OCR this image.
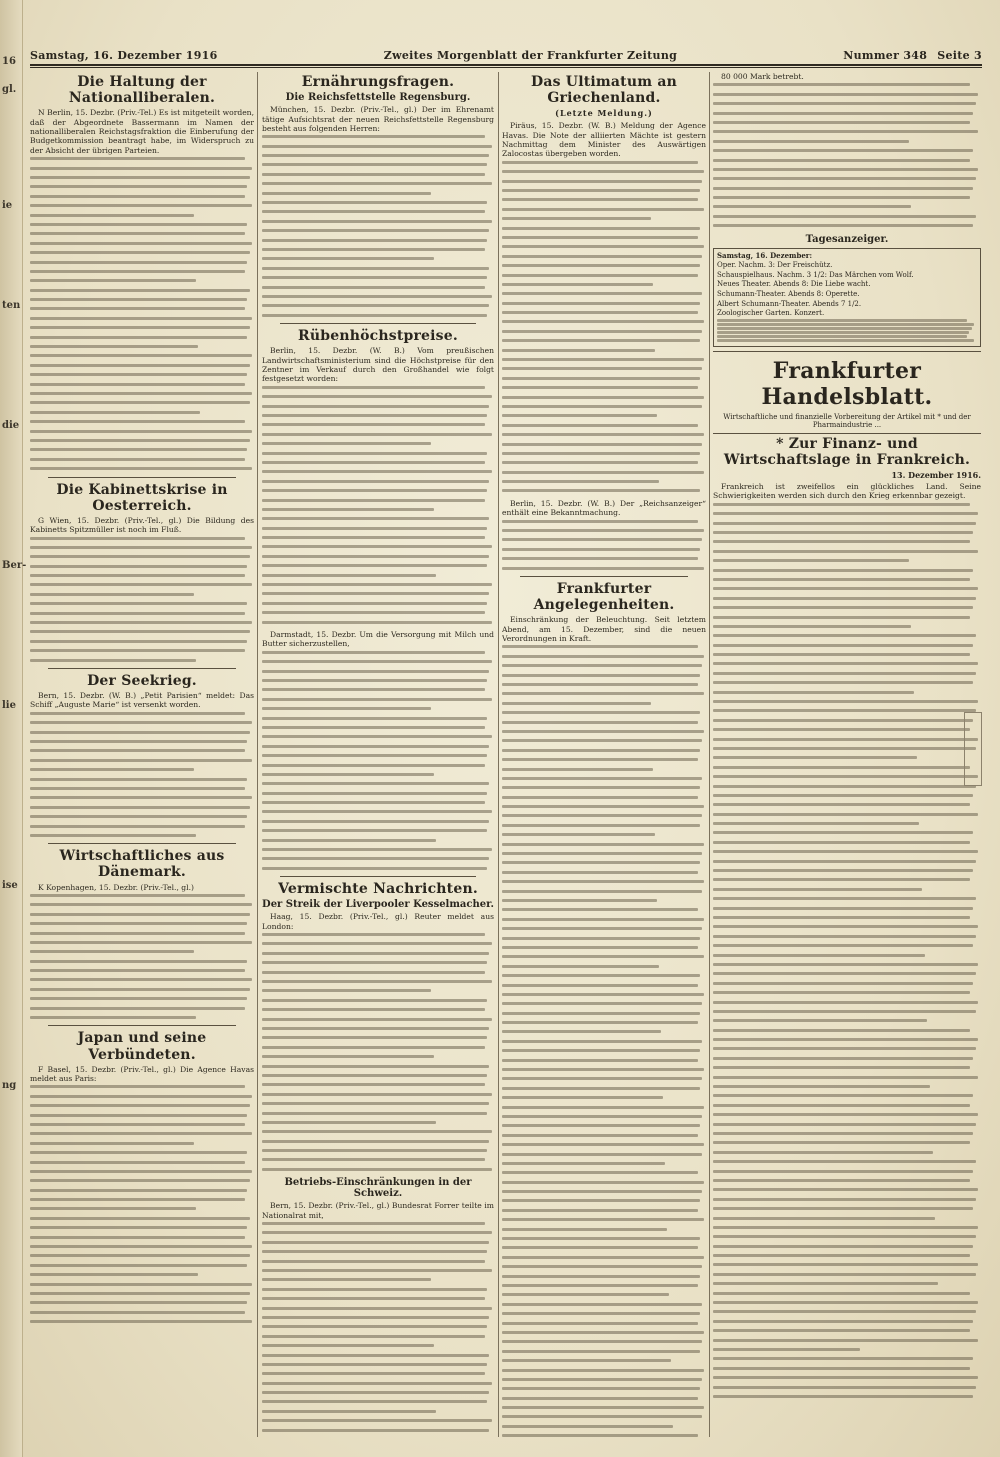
16
gl.
ie
ten
die
Ber-
lie
ise
ng
Samstag, 16. Dezember 1916	Zweites Morgenblatt der Frankfurter Zeitung	Nummer 348 Seite 3
Die Haltung der Nationalliberalen.

N Berlin, 15. Dezbr. (Priv.-Tel.) Es ist mitgeteilt worden, daß der Abgeordnete Bassermann im Namen der nationalliberalen Reichstagsfraktion die Einberufung der Budgetkommission beantragt habe, im Widerspruch zu der Absicht der übrigen Parteien.

Die Kabinettskrise in Oesterreich.

G Wien, 15. Dezbr. (Priv.-Tel., gl.) Die Bildung des Kabinetts Spitzmüller ist noch im Fluß.

Der Seekrieg.

Bern, 15. Dezbr. (W. B.) „Petit Parisien“ meldet: Das Schiff „Auguste Marie“ ist versenkt worden.

Wirtschaftliches aus Dänemark.

K Kopenhagen, 15. Dezbr. (Priv.-Tel., gl.)

Japan und seine Verbündeten.

F Basel, 15. Dezbr. (Priv.-Tel., gl.) Die Agence Havas meldet aus Paris:

Ernährungsfragen.
Die Reichsfettstelle Regensburg.

München, 15. Dezbr. (Priv.-Tel., gl.) Der im Ehrenamt tätige Aufsichtsrat der neuen Reichsfettstelle Regensburg besteht aus folgenden Herren:

Rübenhöchstpreise.

Berlin, 15. Dezbr. (W. B.) Vom preußischen Landwirtschaftsministerium sind die Höchstpreise für den Zentner im Verkauf durch den Großhandel wie folgt festgesetzt worden:

Darmstadt, 15. Dezbr. Um die Versorgung mit Milch und Butter sicherzustellen,

Vermischte Nachrichten.
Der Streik der Liverpooler Kesselmacher.

Haag, 15. Dezbr. (Priv.-Tel., gl.) Reuter meldet aus London:

Betriebs-Einschränkungen in der Schweiz.

Bern, 15. Dezbr. (Priv.-Tel., gl.) Bundesrat Forrer teilte im Nationalrat mit,

Das Ultimatum an Griechenland.
(Letzte Meldung.)

Piräus, 15. Dezbr. (W. B.) Meldung der Agence Havas. Die Note der alliierten Mächte ist gestern Nachmittag dem Minister des Auswärtigen Zalocostas übergeben worden.

Berlin, 15. Dezbr. (W. B.) Der „Reichsanzeiger“ enthält eine Bekanntmachung.

Frankfurter Angelegenheiten.

Einschränkung der Beleuchtung. Seit letztem Abend, am 15. Dezember, sind die neuen Verordnungen in Kraft.

80 000 Mark betrebt.

Tagesanzeiger.
Samstag, 16. Dezember:
Oper. Nachm. 3: Der Freischütz.
Schauspielhaus. Nachm. 3 1/2: Das Märchen vom Wolf.
Neues Theater. Abends 8: Die Liebe wacht.
Schumann-Theater. Abends 8: Operette.
Albert Schumann-Theater. Abends 7 1/2.
Zoologischer Garten. Konzert.
Frankfurter Handelsblatt.
Wirtschaftliche und finanzielle Vorbereitung der Artikel mit * und der Pharmaindustrie ...
* Zur Finanz- und Wirtschaftslage in Frankreich.
13. Dezember 1916.

Frankreich ist zweifellos ein glückliches Land. Seine Schwierigkeiten werden sich durch den Krieg erkennbar gezeigt.
